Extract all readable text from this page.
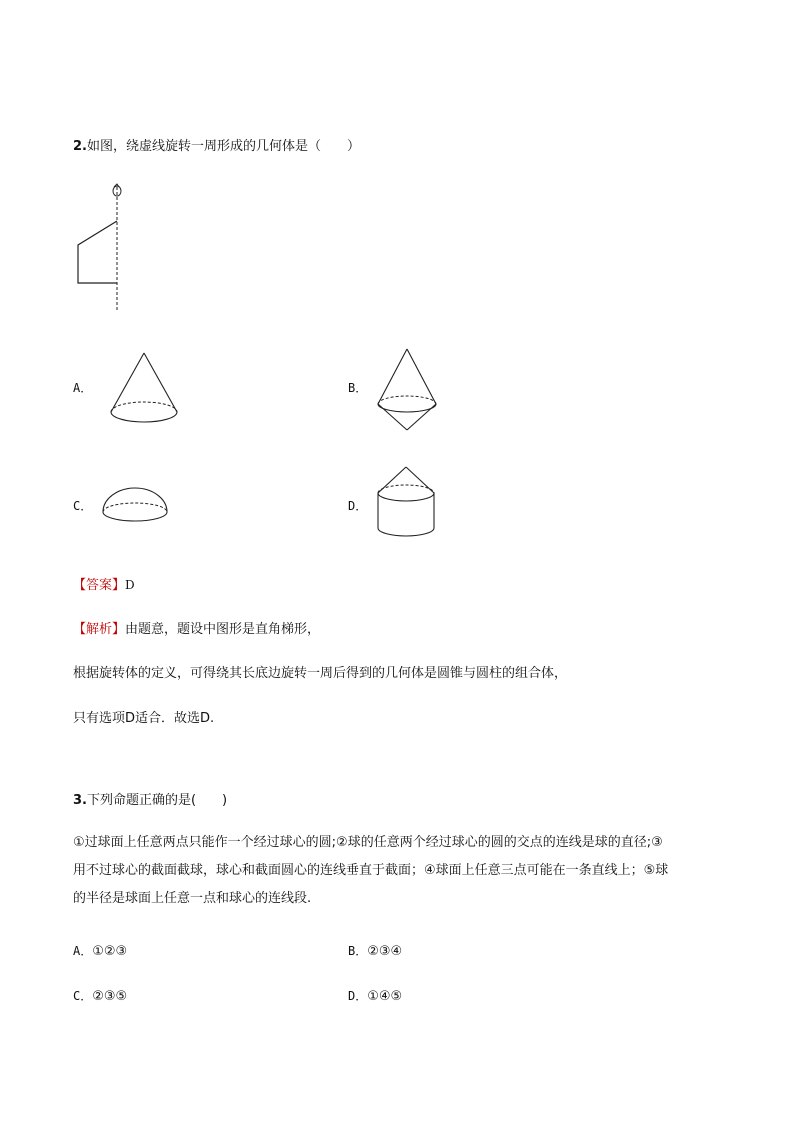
2.如图，绕虚线旋转一周形成的几何体是（　　）
A．	B．
C．	D．
【答案】D
【解析】由题意，题设中图形是直角梯形，
根据旋转体的定义，可得绕其长底边旋转一周后得到的几何体是圆锥与圆柱的组合体，
只有选项D适合．故选D.
3.下列命题正确的是(　　)
①过球面上任意两点只能作一个经过球心的圆;②球的任意两个经过球心的圆的交点的连线是球的直径;③
用不过球心的截面截球，球心和截面圆心的连线垂直于截面；④球面上任意三点可能在一条直线上；⑤球
的半径是球面上任意一点和球心的连线段.
A．①②③	B．②③④
C．②③⑤	D．①④⑤
